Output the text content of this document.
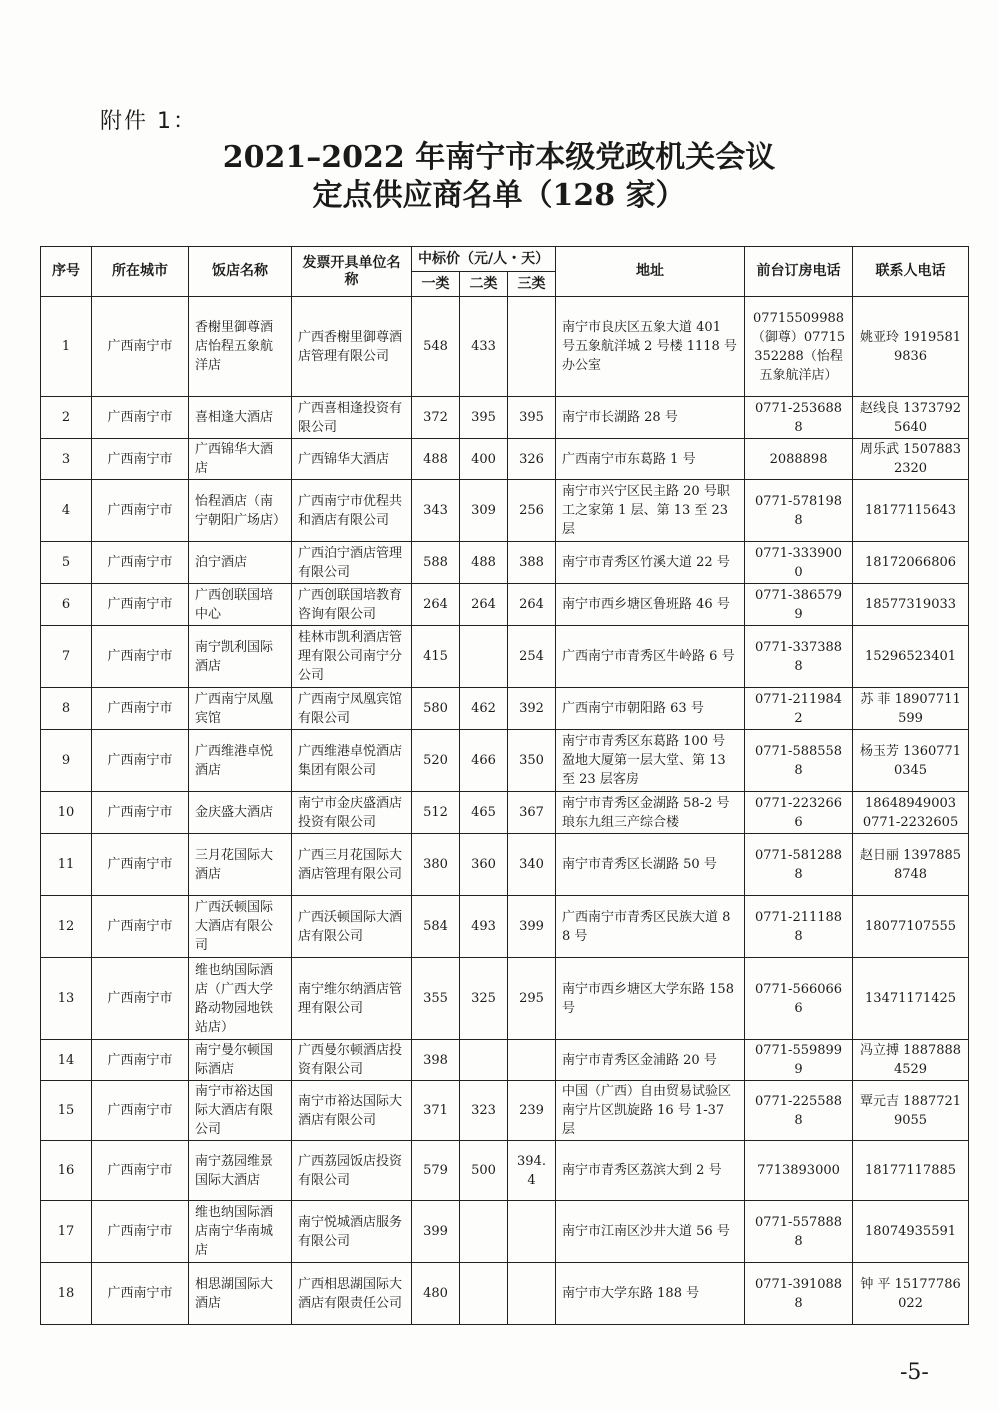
附件 1：
2021–2022 年南宁市本级党政机关会议
定点供应商名单（128 家）
序号	所在城市	饭店名称	发票开具单位名称	中标价（元/人・天）			地址	前台订房电话	联系人电话
				一类	二类	三类			
1	广西南宁市	香榭里御尊酒店怡程五象航洋店	广西香榭里御尊酒店管理有限公司	548	433		南宁市良庆区五象大道 401 号五象航洋城 2 号楼 1118 号办公室	07715509988（御尊）07715352288（怡程五象航洋店）	姚亚玲 19195819836
2	广西南宁市	喜相逢大酒店	广西喜相逢投资有限公司	372	395	395	南宁市长湖路 28 号	0771-2536888	赵线良 13737925640
3	广西南宁市	广西锦华大酒店	广西锦华大酒店	488	400	326	广西南宁市东葛路 1 号	2088898	周乐武 15078832320
4	广西南宁市	怡程酒店（南宁朝阳广场店）	广西南宁市优程共和酒店有限公司	343	309	256	南宁市兴宁区民主路 20 号职工之家第 1 层、第 13 至 23 层	0771-5781988	18177115643
5	广西南宁市	泊宁酒店	广西泊宁酒店管理有限公司	588	488	388	南宁市青秀区竹溪大道 22 号	0771-3339000	18172066806
6	广西南宁市	广西创联国培中心	广西创联国培教育咨询有限公司	264	264	264	南宁市西乡塘区鲁班路 46 号	0771-3865799	18577319033
7	广西南宁市	南宁凯利国际酒店	桂林市凯利酒店管理有限公司南宁分公司	415		254	广西南宁市青秀区牛岭路 6 号	0771-3373888	15296523401
8	广西南宁市	广西南宁凤凰宾馆	广西南宁凤凰宾馆有限公司	580	462	392	广西南宁市朝阳路 63 号	0771-2119842	苏 菲 18907711599
9	广西南宁市	广西维港卓悦酒店	广西维港卓悦酒店集团有限公司	520	466	350	南宁市青秀区东葛路 100 号盈地大厦第一层大堂、第 13 至 23 层客房	0771-5885588	杨玉芳 13607710345
10	广西南宁市	金庆盛大酒店	南宁市金庆盛酒店投资有限公司	512	465	367	南宁市青秀区金湖路 58-2 号琅东九组三产综合楼	0771-2232666	18648949003 0771-2232605
11	广西南宁市	三月花国际大酒店	广西三月花国际大酒店管理有限公司	380	360	340	南宁市青秀区长湖路 50 号	0771-5812888	赵日丽 13978858748
12	广西南宁市	广西沃顿国际大酒店有限公司	广西沃顿国际大酒店有限公司	584	493	399	广西南宁市青秀区民族大道 88 号	0771-2111888	18077107555
13	广西南宁市	维也纳国际酒店（广西大学路动物园地铁站店）	南宁维尔纳酒店管理有限公司	355	325	295	南宁市西乡塘区大学东路 158 号	0771-5660666	13471171425
14	广西南宁市	南宁曼尔顿国际酒店	广西曼尔顿酒店投资有限公司	398			南宁市青秀区金浦路 20 号	0771-5598999	冯立搏 18878884529
15	广西南宁市	南宁市裕达国际大酒店有限公司	南宁市裕达国际大酒店有限公司	371	323	239	中国（广西）自由贸易试验区南宁片区凯旋路 16 号 1-37 层	0771-2255888	覃元吉 18877219055
16	广西南宁市	南宁荔园维景国际大酒店	广西荔园饭店投资有限公司	579	500	394.4	南宁市青秀区荔滨大到 2 号	7713893000	18177117885
17	广西南宁市	维也纳国际酒店南宁华南城店	南宁悦城酒店服务有限公司	399			南宁市江南区沙井大道 56 号	0771-5578888	18074935591
18	广西南宁市	相思湖国际大酒店	广西相思湖国际大酒店有限责任公司	480			南宁市大学东路 188 号	0771-3910888	钟 平 15177786022
-5-
